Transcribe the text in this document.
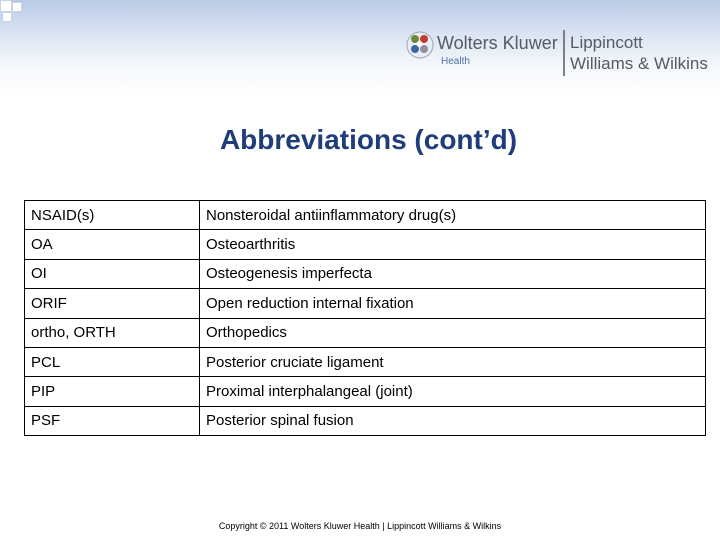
Wolters Kluwer
Health
Lippincott
Williams & Wilkins
Abbreviations (cont’d)
NSAID(s)	Nonsteroidal antiinflammatory drug(s)
OA	Osteoarthritis
OI	Osteogenesis imperfecta
ORIF	Open reduction internal fixation
ortho, ORTH	Orthopedics
PCL	Posterior cruciate ligament
PIP	Proximal interphalangeal (joint)
PSF	Posterior spinal fusion

Copyright © 2011 Wolters Kluwer Health | Lippincott Williams & Wilkins
